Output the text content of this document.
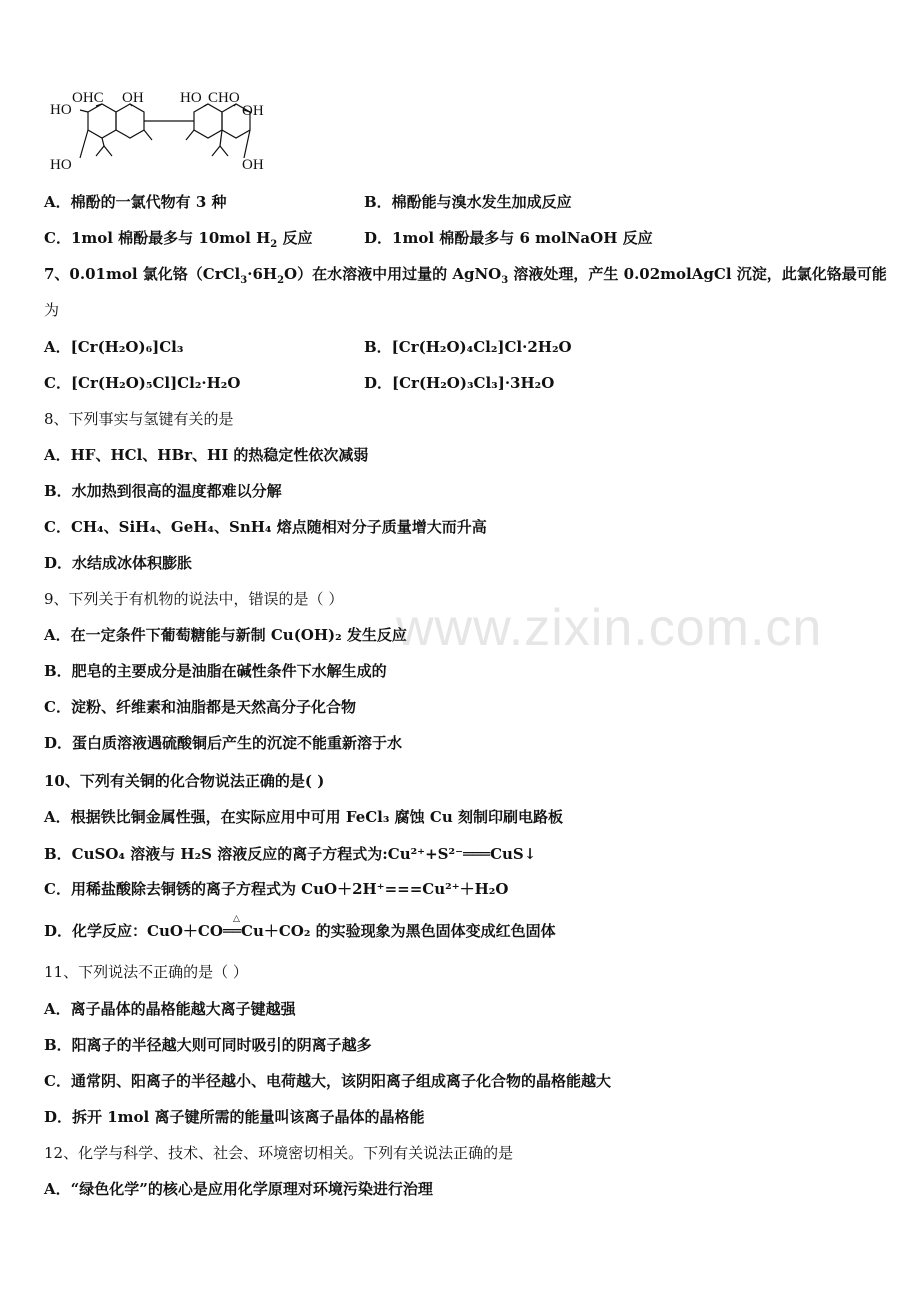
www.zixin.com.cn
HO
OHC OH
HO
HO CHO
OH
OH
A．棉酚的一氯代物有 3 种	B．棉酚能与溴水发生加成反应
C．1mol 棉酚最多与 10mol $H_2$ 反应	D．1mol 棉酚最多与 6 molNaOH 反应
7、0.01mol 氯化铬$(CrCl_3\cdot 6H_2O)$在水溶液中用过量的 AgNO$_3$ 溶液处理，产生 0.02molAgCl 沉淀，此氯化铬最可能
为
A．[Cr(H₂O)₆]Cl₃	B．[Cr(H₂O)₄Cl₂]Cl·2H₂O
C．[Cr(H₂O)₅Cl]Cl₂·H₂O	D．[Cr(H₂O)₃Cl₃]·3H₂O
8、下列事实与氢键有关的是
A．HF、HCl、HBr、HI 的热稳定性依次减弱
B．水加热到很高的温度都难以分解
C．CH₄、SiH₄、GeH₄、SnH₄ 熔点随相对分子质量增大而升高
D．水结成冰体积膨胀
9、下列关于有机物的说法中，错误的是（ ）
A．在一定条件下葡萄糖能与新制 Cu(OH)₂ 发生反应
B．肥皂的主要成分是油脂在碱性条件下水解生成的
C．淀粉、纤维素和油脂都是天然高分子化合物
D．蛋白质溶液遇硫酸铜后产生的沉淀不能重新溶于水
10、下列有关铜的化合物说法正确的是( )
A．根据铁比铜金属性强，在实际应用中可用 FeCl₃ 腐蚀 Cu 刻制印刷电路板
B．CuSO₄ 溶液与 H₂S 溶液反应的离子方程式为:Cu²⁺+S²⁻═══CuS↓
C．用稀盐酸除去铜锈的离子方程式为 CuO＋2H⁺===Cu²⁺＋H₂O
D．化学反应：CuO＋CO
△
══Cu＋CO₂ 的实验现象为黑色固体变成红色固体
11、下列说法不正确的是（ ）
A．离子晶体的晶格能越大离子键越强
B．阳离子的半径越大则可同时吸引的阴离子越多
C．通常阴、阳离子的半径越小、电荷越大，该阴阳离子组成离子化合物的晶格能越大
D．拆开 1mol 离子键所需的能量叫该离子晶体的晶格能
12、化学与科学、技术、社会、环境密切相关。下列有关说法正确的是
A．“绿色化学”的核心是应用化学原理对环境污染进行治理
